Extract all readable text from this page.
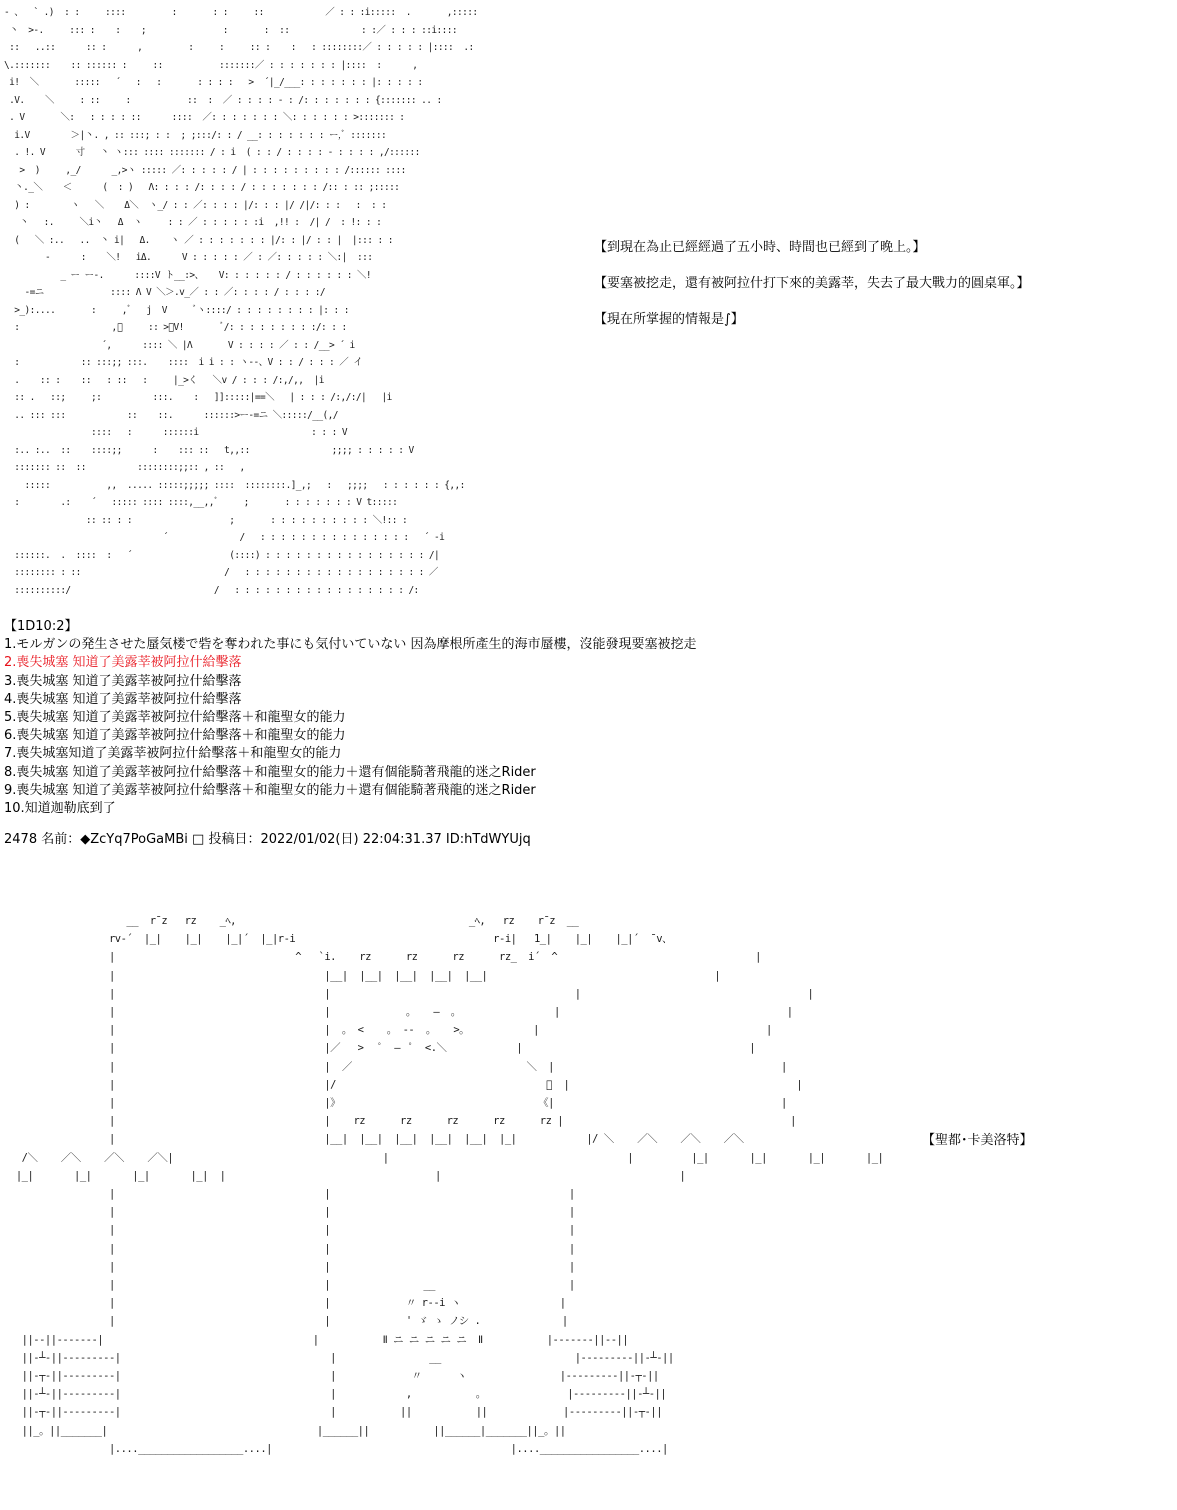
- 、  ` .)  : :     ::::         :       : :     ::            ／ : : :i:::::  .       ,:::::
丶  >-.     ::: :    :    ;               :       :  ::              : :／ : : : ::i::::
::   ..::      :: :      ,         :     :     :: :    :   : ::::::::／ : : : : : |::::  .:
\.:::::::    :: :::::: :     ::           :::::::／ : : : : : : : |::::  :      ,
i!  ＼       :::::   ´   :   :       : : : :   >  ´|_/___: : : : : : : |: : : : :
.V.    ＼     : ::     :           ::  :  ／ : : : : - : /: : : : : : : {::::::: .. :
. V       ＼:   : : : : ::      ::::  ／: : : : : : : ＼: : : : : : >::::::: :
i.V        ＞|丶. , :: :::; : :  ; ;:::/: : / __: : : : : : : ー,ﾞ :::::::
. !. V      寸   丶 ヽ::: :::: ::::::: / : i  ( : : / : : : : - : : : : ,/::::::
>  )     ,_/      _,>ヽ ::::: ／: : : : : / | : : : : : : : : : /:::::: ::::
丶._＼    ＜      (  : )   Λ: : : : /: : : : / : : : : : : : /:: : :: ;:::::
) :        ヽ   ＼    Δ＼  ヽ_/ : : ／: : : : |/: : : |/ /|/: : :   :  : :
丶   :.     ＼i丶   Δ  ヽ     : : ／ : : : : : :i  ,!! :  /| /  : !: : :
(   ＼ :..   ..  丶 i|   Δ.    ヽ ／ : : : : : : : |/: : |/ : : |  |::: : :
-      :    ＼!   iΔ.      V : : : : : ／ : ／: : : : : ＼:|  :::
_ ー ー-.      ::::V ト__:>、   V: : : : : : / : : : : : : ＼!
-=ニ             :::: Λ V ＼＞.v_／ : : ／: : : : / : : : :/
>_):....       :     ,ﾞ   j  V     ﾞヽ::::/ : : : : : : : : |: : :
:                  ,ﾞ     :: >、V!       ﾞ/: : : : : : : : :/: : :
´,      :::: ＼ |Λ       V : : : : ／ : : /__> ´ i
:            :: :::;; :::.    ::::  i i : : ヽ--、V : : / : : : ／ イ
.    :: :    ::   : ::   :     |_>く   ＼v / : : : /:,/,,  |i
:: .   ::;     ;:          :::.    :   ]]:::::|==＼   | : : : /:,/:/|   |i
.. ::: :::            ::    ::.      ::::::>ー-=ニ ＼:::::/__(,/
::::   :      ::::::i                      : : : V
:.. :..  ::    ::::;;      :    ::: ::   t,,::                ;;;; : : : : : V
::::::: ::  ::          ::::::::;;:: , ::   ,
:::::           ,,  ..... :::::;;;;; ::::  ::::::::.]_,;   :   ;;;;   : : : : : : {,,:
:        .:    ´   ::::: :::: ::::,__,,ﾞ     ;       : : : : : : : V t:::::
:: :: : :                   ;       : : : : : : : : : : ＼!:: :
´              /   : : : : : : : : : : : : : : :   ´ -i
::::::.  .  ::::  :   ´                   (::::) : : : : : : : : : : : : : : : : /|
:::::::: : ::                            /   : : : : : : : : : : : : : : : : : : ／
::::::::::/                            /   : : : : : : : : : : : : : : : : : /:
【到現在為止已經經過了五小時、時間也已經到了晚上。】
【要塞被挖走，還有被阿拉什打下來的美露莘，失去了最大戰力的圓桌軍。】
【現在所掌握的情報是∫】
【1D10:2】
1.モルガンの発生させた蜃気楼で砦を奪われた事にも気付いていない 因為摩根所產生的海市蜃樓，沒能發現要塞被挖走
2.喪失城塞 知道了美露莘被阿拉什給擊落
3.喪失城塞 知道了美露莘被阿拉什給擊落
4.喪失城塞 知道了美露莘被阿拉什給擊落
5.喪失城塞 知道了美露莘被阿拉什給擊落＋和龍聖女的能力
6.喪失城塞 知道了美露莘被阿拉什給擊落＋和龍聖女的能力
7.喪失城塞知道了美露莘被阿拉什給擊落＋和龍聖女的能力
8.喪失城塞 知道了美露莘被阿拉什給擊落＋和龍聖女的能力＋還有個能騎著飛龍的迷之Rider
9.喪失城塞 知道了美露莘被阿拉什給擊落＋和龍聖女的能力＋還有個能騎著飛龍的迷之Rider
10.知道迦勒底到了
2478 名前：◆ZcYq7PoGaMBi □ 投稿日：2022/01/02(日) 22:04:31.37 ID:hTdWYUjq
__  r¯z   rz    _ﾍ,                                        _ﾍ,   rz    r¯z  __
rv-´  |_|    |_|    |_|´  |_|r-i                                  r-i|   1_|    |_|    |_|´  ¯v、
|                               ^   `i.    rz      rz      rz      rz_  i´  ^                                  |
|                                    |__|  |__|  |__|  |__|  |__|                                       |
|                                    |                                          |                                       |
|                                    |             。   ―  。                |                                       |
|                                    |  。 <    。 ‐‐  。   >。           |                                       |
|                                    |／   >   ﾟ  ―  ﾟ  <.＼            |                                       |
|                                    |  ／                              ＼  |                                       |
|                                    |/                                    ﾟ  |                                       |
|                                    |》                                  《|                                       |
|                                    |    rz      rz      rz      rz      rz |                                       |
|                                    |__|  |__|  |__|  |__|  |__|  |_|            |/ ＼    ／＼    ／＼    ／＼
/＼    ／＼    ／＼    ／＼|                                    |                                         |          |_|       |_|       |_|       |_|
|_|       |_|       |_|       |_|  |                                    |                                         |
|                                    |                                         |
|                                    |                                         |
|                                    |                                         |
|                                    |                                         |
|                                    |                                         |
|                                    |                __                       |
|                                    |             〃 r--i ヽ                 |
|                                    |             ' ゞ ゝ ノシ .              |
||--||-------|                                    |           Ⅱ ニ ニ ニ ニ ニ  Ⅱ           |-------||--||
||-┴-||---------|                                    |                __                       |---------||-┴-||
||-┬-||---------|                                    |             〃      ヽ                |---------||-┬-||
||-┴-||---------|                                    |            ,           。              |---------||-┴-||
||-┬-||---------|                                    |           ||           ||             |---------||-┬-||
||_。||_______|                                    |______||           ||______|_______||_。||
|....__________________....|                                         |...._________________....|
【聖都･卡美洛特】
